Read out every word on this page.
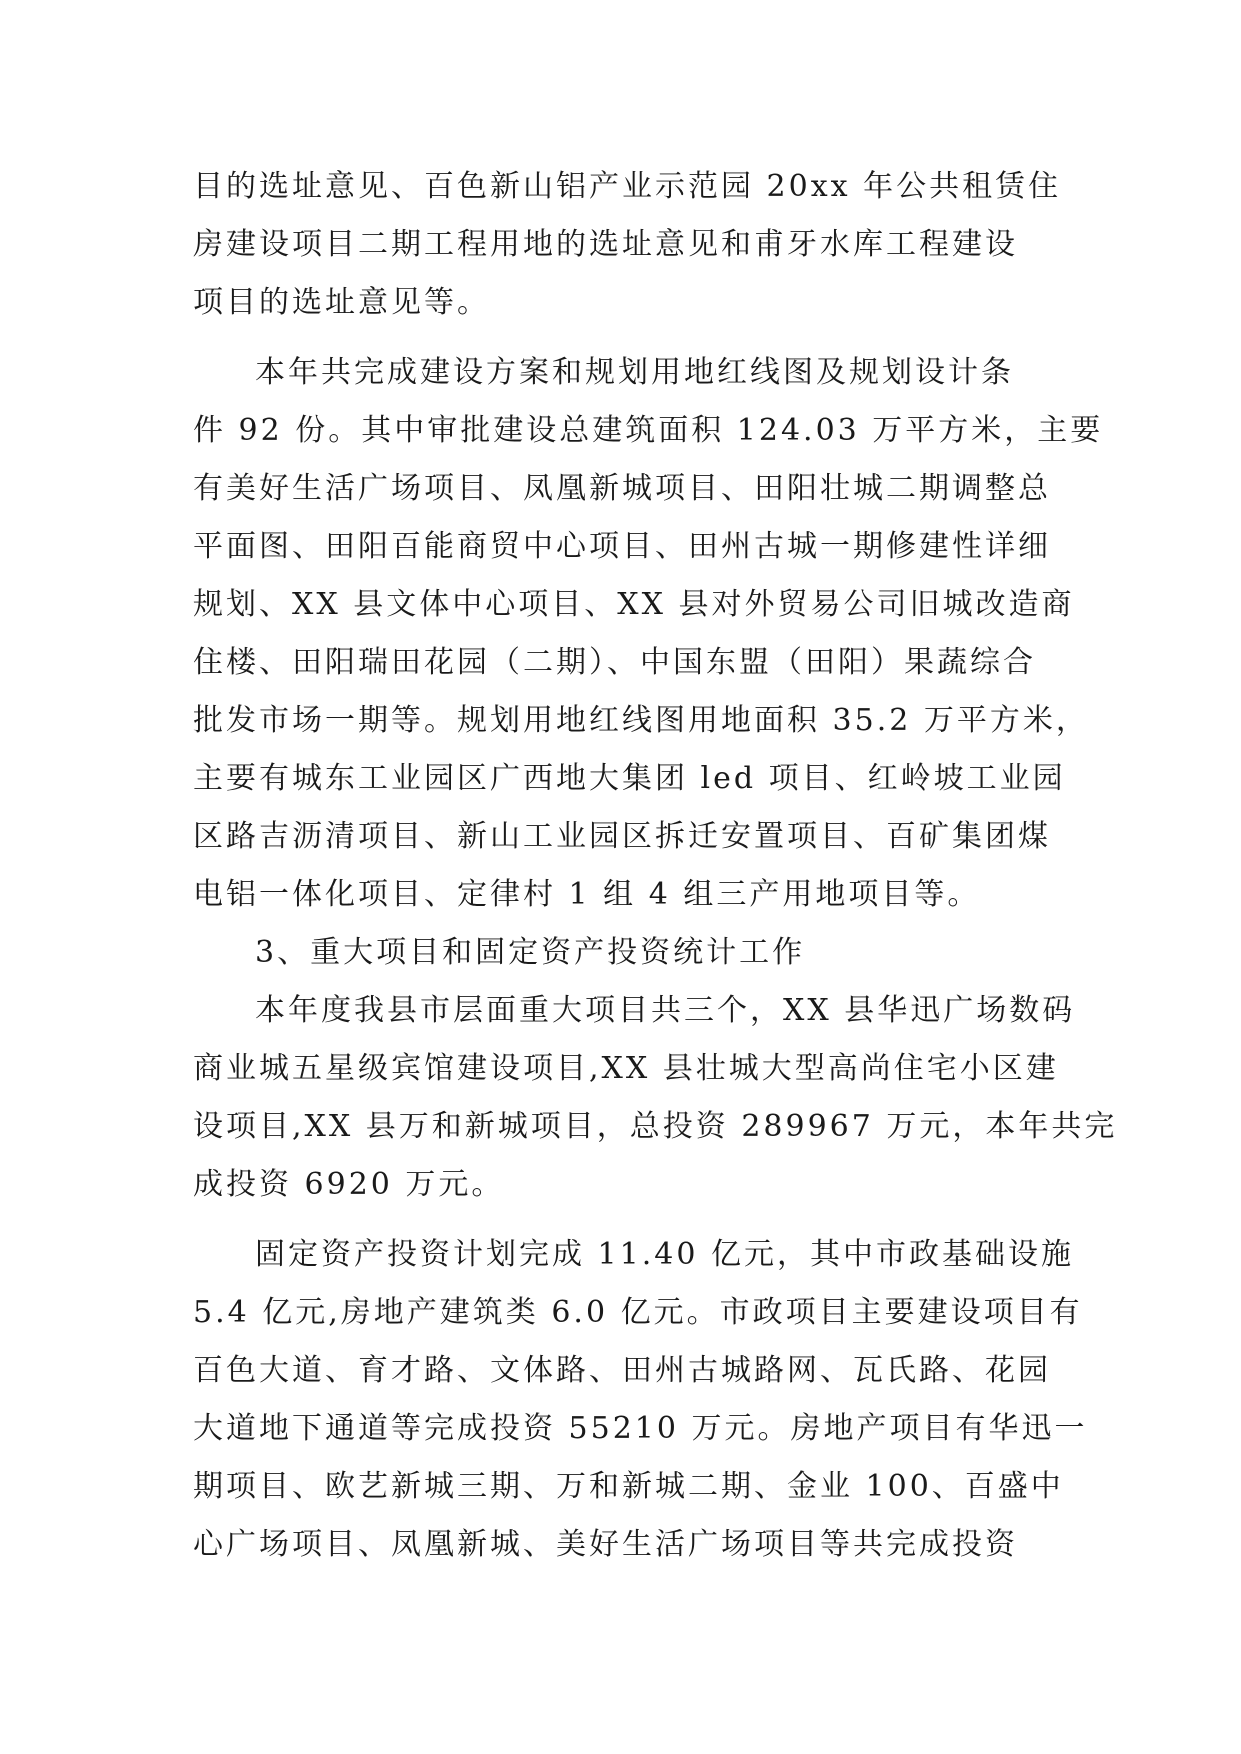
目的选址意见、百色新山铝产业示范园 20xx 年公共租赁住
房建设项目二期工程用地的选址意见和甫牙水库工程建设
项目的选址意见等。
本年共完成建设方案和规划用地红线图及规划设计条
件 92 份。其中审批建设总建筑面积 124.03 万平方米，主要
有美好生活广场项目、凤凰新城项目、田阳壮城二期调整总
平面图、田阳百能商贸中心项目、田州古城一期修建性详细
规划、XX 县文体中心项目、XX 县对外贸易公司旧城改造商
住楼、田阳瑞田花园（二期）、中国东盟（田阳）果蔬综合
批发市场一期等。规划用地红线图用地面积 35.2 万平方米，
主要有城东工业园区广西地大集团 led 项目、红岭坡工业园
区路吉沥清项目、新山工业园区拆迁安置项目、百矿集团煤
电铝一体化项目、定律村 1 组 4 组三产用地项目等。
3、重大项目和固定资产投资统计工作
本年度我县市层面重大项目共三个，XX 县华迅广场数码
商业城五星级宾馆建设项目,XX 县壮城大型高尚住宅小区建
设项目,XX 县万和新城项目，总投资 289967 万元，本年共完
成投资 6920 万元。
固定资产投资计划完成 11.40 亿元，其中市政基础设施
5.4 亿元,房地产建筑类 6.0 亿元。市政项目主要建设项目有
百色大道、育才路、文体路、田州古城路网、瓦氏路、花园
大道地下通道等完成投资 55210 万元。房地产项目有华迅一
期项目、欧艺新城三期、万和新城二期、金业 100、百盛中
心广场项目、凤凰新城、美好生活广场项目等共完成投资
